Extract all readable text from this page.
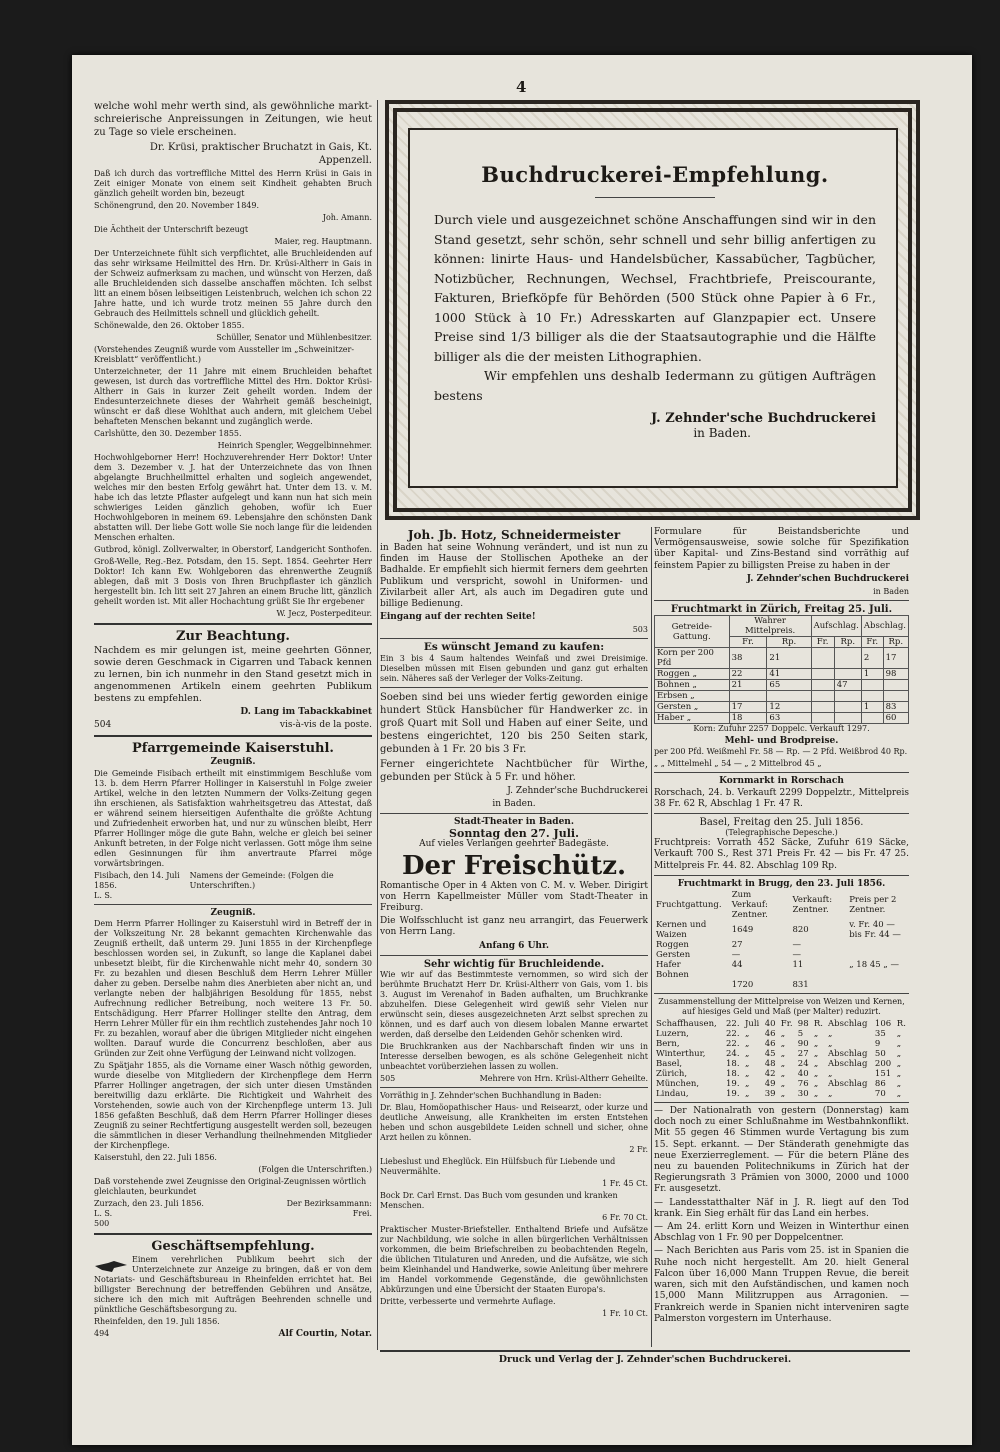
4

welche wohl mehr werth sind, als gewöhnliche markt-schreierische Anpreissungen in Zeitungen, wie heut zu Tage so viele erscheinen.

Dr. Krüsi, praktischer Bruchatzt in Gais, Kt. Appenzell.

Daß ich durch das vortreffliche Mittel des Herrn Krüsi in Gais in Zeit einiger Monate von einem seit Kindheit gehabten Bruch gänzlich geheilt worden bin, bezeugt

Schönengrund, den 20. November 1849.

Joh. Amann.

Die Ächtheit der Unterschrift bezeugt

Maier, reg. Hauptmann.

Der Unterzeichnete fühlt sich verpflichtet, alle Bruchleidenden auf das sehr wirksame Heilmittel des Hrn. Dr. Krüsi-Altherr in Gais in der Schweiz aufmerksam zu machen, und wünscht von Herzen, daß alle Bruchleidenden sich dasselbe anschaffen möchten. Ich selbst litt an einem bösen leibseitigen Leistenbruch, welchen ich schon 22 Jahre hatte, und ich wurde trotz meinen 55 Jahre durch den Gebrauch des Heilmittels schnell und glücklich geheilt.

Schönewalde, den 26. Oktober 1855.

Schüller, Senator und Mühlenbesitzer.

(Vorstehendes Zeugniß wurde vom Aussteller im „Schweinitzer-Kreisblatt“ veröffentlicht.)

Unterzeichneter, der 11 Jahre mit einem Bruchleiden behaftet gewesen, ist durch das vortreffliche Mittel des Hrn. Doktor Krüsi-Altherr in Gais in kurzer Zeit geheilt worden. Indem der Endesunterzeichnete dieses der Wahrheit gemäß bescheinigt, wünscht er daß diese Wohlthat auch andern, mit gleichem Uebel behafteten Menschen bekannt und zugänglich werde.

Carlshütte, den 30. Dezember 1855.

Heinrich Spengler, Weggelbinnehmer.

Hochwohlgeborner Herr! Hochzuverehrender Herr Doktor! Unter dem 3. Dezember v. J. hat der Unterzeichnete das von Ihnen abgelangte Bruchheilmittel erhalten und sogleich angewendet, welches mir den besten Erfolg gewährt hat. Unter dem 13. v. M. habe ich das letzte Pflaster aufgelegt und kann nun hat sich mein schwieriges Leiden gänzlich gehoben, wofür ich Euer Hochwohlgeboren in meinem 69. Lebensjahre den schönsten Dank abstatten will. Der liebe Gott wolle Sie noch lange für die leidenden Menschen erhalten.

Gutbrod, königl. Zollverwalter, in Oberstorf, Landgericht Sonthofen.

Groß-Welle, Reg.-Bez. Potsdam, den 15. Sept. 1854. Geehrter Herr Doktor! Ich kann Ew. Wohlgeboren das ehrenwerthe Zeugniß ablegen, daß mit 3 Dosis von Ihren Bruchpflaster ich gänzlich hergestellt bin. Ich litt seit 27 Jahren an einem Bruche litt, gänzlich geheilt worden ist. Mit aller Hochachtung grüßt Sie Ihr ergebener

W. Jecz, Posterpediteur.

Zur Beachtung.

Nachdem es mir gelungen ist, meine geehrten Gönner, sowie deren Geschmack in Cigarren und Taback kennen zu lernen, bin ich nunmehr in den Stand gesetzt mich in angenommenen Artikeln einem geehrten Publikum bestens zu empfehlen.

D. Lang im Tabackkabinet

504	vis-à-vis de la poste.
Pfarrgemeinde Kaiserstuhl.
Zeugniß.

Die Gemeinde Fisibach ertheilt mit einstimmigem Beschluße vom 13. b. dem Herrn Pfarrer Hollinger in Kaiserstuhl in Folge zweier Artikel, welche in den letzten Nummern der Volks-Zeitung gegen ihn erschienen, als Satisfaktion wahrheitsgetreu das Attestat, daß er während seinem hierseitigen Aufenthalte die größte Achtung und Zufriedenheit erworben hat, und nur zu wünschen bleibt, Herr Pfarrer Hollinger möge die gute Bahn, welche er gleich bei seiner Ankunft betreten, in der Folge nicht verlassen. Gott möge ihm seine edlen Gesinnungen für ihm anvertraute Pfarrei möge vorwärtsbringen.

Fisibach, den 14. Juli 1856.
Namens der Gemeinde: (Folgen die Unterschriften.)

L. S.

Zeugniß.

Dem Herrn Pfarrer Hollinger zu Kaiserstuhl wird in Betreff der in der Volkszeitung Nr. 28 bekannt gemachten Kirchenwahle das Zeugniß ertheilt, daß unterm 29. Juni 1855 in der Kirchenpflege beschlossen worden sei, in Zukunft, so lange die Kaplanei dabei unbesetzt bleibt, für die Kirchenwahle nicht mehr 40, sondern 30 Fr. zu bezahlen und diesen Beschluß dem Herrn Lehrer Müller daher zu geben. Derselbe nahm dies Anerbieten aber nicht an, und verlangte neben der halbjährigen Besoldung für 1855, nebst Aufrechnung redlicher Betreibung, noch weitere 13 Fr. 50. Entschädigung. Herr Pfarrer Hollinger stellte den Antrag, dem Herrn Lehrer Müller für ein ihm rechtlich zustehendes Jahr noch 10 Fr. zu bezahlen, worauf aber die übrigen Mitglieder nicht eingehen wollten. Darauf wurde die Concurrenz beschloßen, aber aus Gründen zur Zeit ohne Verfügung der Leinwand nicht vollzogen.

Zu Spätjahr 1855, als die Vorname einer Wasch nöthig geworden, wurde dieselbe von Mitgliedern der Kirchenpflege dem Herrn Pfarrer Hollinger angetragen, der sich unter diesen Umständen bereitwillig dazu erklärte. Die Richtigkeit und Wahrheit des Vorstehenden, sowie auch von der Kirchenpflege unterm 13. Juli 1856 gefaßten Beschluß, daß dem Herrn Pfarrer Hollinger dieses Zeugniß zu seiner Rechtfertigung ausgestellt werden soll, bezeugen die sämmtlichen in dieser Verhandlung theilnehmenden Mitglieder der Kirchenpflege.

Kaiserstuhl, den 22. Juli 1856.

(Folgen die Unterschriften.)

Daß vorstehende zwei Zeugnisse den Original-Zeugnissen wörtlich gleichlauten, beurkundet

Zurzach, den 23. Juli 1856.	Der Bezirksammann:
L. S.	Frei.

500

Geschäftsempfehlung.

Einem verehrlichen Publikum beehrt sich der Unterzeichnete zur Anzeige zu bringen, daß er von dem Notariats- und Geschäftsbureau in Rheinfelden errichtet hat. Bei billigster Berechnung der betreffenden Gebühren und Ansätze, sichere ich den mich mit Aufträgen Beehrenden schnelle und pünktliche Geschäftsbesorgung zu.

Rheinfelden, den 19. Juli 1856.

494	Alf Courtin, Notar.
Buchdruckerei-Empfehlung.
Durch viele und ausgezeichnet schöne Anschaffungen sind wir in den Stand gesetzt, sehr schön, sehr schnell und sehr billig anfertigen zu können: linirte Haus- und Handelsbücher, Kassabücher, Tagbücher, Notizbücher, Rechnungen, Wechsel, Frachtbriefe, Preiscourante, Fakturen, Briefköpfe für Behörden (500 Stück ohne Papier à 6 Fr., 1000 Stück à 10 Fr.) Adresskarten auf Glanzpapier ect. Unsere Preise sind 1/3 billiger als die der Staatsautographie und die Hälfte billiger als die der meisten Lithographien.
Wir empfehlen uns deshalb Iedermann zu gütigen Aufträgen bestens
J. Zehnder'sche Buchdruckerei
in Baden.
Joh. Jb. Hotz, Schneidermeister

in Baden hat seine Wohnung verändert, und ist nun zu finden im Hause der Stollischen Apotheke an der Badhalde. Er empfiehlt sich hiermit ferners dem geehrten Publikum und verspricht, sowohl in Uniformen- und Zivilarbeit aller Art, als auch im Degadiren gute und billige Bedienung.

Eingang auf der rechten Seite!

503

Es wünscht Jemand zu kaufen:

Ein 3 bis 4 Saum haltendes Weinfaß und zwei Dreisimige. Dieselben müssen mit Eisen gebunden und ganz gut erhalten sein. Näheres saß der Verleger der Volks-Zeitung.

Soeben sind bei uns wieder fertig geworden einige hundert Stück Hansbücher für Handwerker zc. in groß Quart mit Soll und Haben auf einer Seite, und bestens eingerichtet, 120 bis 250 Seiten stark, gebunden à 1 Fr. 20 bis 3 Fr.

Ferner eingerichtete Nachtbücher für Wirthe, gebunden per Stück à 5 Fr. und höher.

J. Zehnder'sche Buchdruckerei

in Baden.

Stadt-Theater in Baden.
Sonntag den 27. Juli.
Auf vieles Verlangen geehrter Badegäste.
Der Freischütz.

Romantische Oper in 4 Akten von C. M. v. Weber. Dirigirt von Herrn Kapellmeister Müller vom Stadt-Theater in Freiburg.

Die Wolfsschlucht ist ganz neu arrangirt, das Feuerwerk von Herrn Lang.

Anfang 6 Uhr.
Sehr wichtig für Bruchleidende.

Wie wir auf das Bestimmteste vernommen, so wird sich der berühmte Bruchatzt Herr Dr. Krüsi-Altherr von Gais, vom 1. bis 3. August im Verenahof in Baden aufhalten, um Bruchkranke abzuhelfen. Diese Gelegenheit wird gewiß sehr Vielen nur erwünscht sein, dieses ausgezeichneten Arzt selbst sprechen zu können, und es darf auch von diesem lobalen Manne erwartet werden, daß derselbe den Leidenden Gehör schenken wird.

Die Bruchkranken aus der Nachbarschaft finden wir uns in Interesse derselben bewogen, es als schöne Gelegenheit nicht unbeachtet vorüberziehen lassen zu wollen.

505	Mehrere von Hrn. Krüsi-Altherr Geheilte.

Vorräthig in J. Zehnder'schen Buchhandlung in Baden:

Dr. Blau, Homöopathischer Haus- und Reisearzt, oder kurze und deutliche Anweisung, alle Krankheiten im ersten Entstehen heben und schon ausgebildete Leiden schnell und sicher, ohne Arzt heilen zu können.

2 Fr.

Liebeslust und Ehеglück. Ein Hülfsbuch für Liebende und Neuvermählte.

1 Fr. 45 Ct.

Bock Dr. Carl Ernst. Das Buch vom gesunden und kranken Menschen.

6 Fr. 70 Ct.

Praktischer Muster-Briefsteller. Enthaltend Briefe und Aufsätze zur Nachbildung, wie solche in allen bürgerlichen Verhältnissen vorkommen, die beim Briefschreiben zu beobachtenden Regeln, die üblichen Titulaturen und Anreden, und die Aufsätze, wie sich beim Kleinhandel und Handwerke, sowie Anleitung über mehrere im Handel vorkommende Gegenstände, die gewöhnlichsten Abkürzungen und eine Übersicht der Staaten Europa's.

Dritte, verbesserte und vermehrte Auflage.

1 Fr. 10 Ct.

Formulare für Beistandsberichte und Vermögensausweise, sowie solche für Spezifikation über Kapital- und Zins-Bestand sind vorräthig auf feinstem Papier zu billigsten Preise zu haben in der

J. Zehnder'schen Buchdruckerei

in Baden

Fruchtmarkt in Zürich, Freitag 25. Juli.
Getreide-Gattung.	Wahrer Mittelpreis.		Aufschlag.		Abschlag.	
	Fr.	Rp.	Fr.	Rp.	Fr.	Rp.
Korn per 200 Pfd	38	21			2	17
Roggen „	22	41			1	98
Bohnen „	21	65		47		
Erbsen „						
Gersten „	17	12			1	83
Haber „	18	63				60

Korn: Zufuhr 2257 Doppelc. Verkauft 1297.

Mehl- und Brodpreise.

per 200 Pfd. Weißmehl Fr. 58 — Rp. — 2 Pfd. Weißbrod 40 Rp.

„ „ Mittelmehl „ 54 — „ 2 Mittelbrod 45 „

Kornmarkt in Rorschach

Rorschach, 24. b. Verkauft 2299 Doppelztr., Mittelpreis 38 Fr. 62 R, Abschlag 1 Fr. 47 R.

Basel, Freitag den 25. Juli 1856.
(Telegraphische Depesche.)

Fruchtpreis: Vorrath 452 Säcke, Zufuhr 619 Säcke, Verkauft 700 S., Rest 371 Preis Fr. 42 — bis Fr. 47 25. Mittelpreis Fr. 44. 82. Abschlag 109 Rp.

Fruchtmarkt in Brugg, den 23. Juli 1856.
Fruchtgattung.	Zum Verkauf: Zentner.	Verkauft: Zentner.	Preis per 2 Zentner.
Kernen und Waizen	1649	820	v. Fr. 40 — bis Fr. 44 —
Roggen	27	—	
Gersten	—	—	
Hafer	44	11	„ 18 45 „ —
Bohnen			
	1720	831	

Zusammenstellung der Mittelpreise von Weizen und Kernen, auf hiesiges Geld und Maß (per Malter) reduzirt.

Schaffhausen,	22.	Juli	40	Fr.	98	R.	Abschlag	106	R.
Luzern,	22.	„	46	„	5	„	„	35	„
Bern,	22.	„	46	„	90	„	„	9	„
Winterthur,	24.	„	45	„	27	„	Abschlag	50	„
Basel,	18.	„	48	„	24	„	Abschlag	200	„
Zürich,	18.	„	42	„	40	„	„	151	„
München,	19.	„	49	„	76	„	Abschlag	86	„
Lindau,	19.	„	39	„	30	„	„	70	„

— Der Nationalrath von gestern (Donnerstag) kam doch noch zu einer Schlußnahme im Westbahnkonflikt. Mit 55 gegen 46 Stimmen wurde Vertagung bis zum 15. Sept. erkannt. — Der Ständerath genehmigte das neue Exerzierreglement. — Für die betern Pläne des neu zu bauenden Politechnikums in Zürich hat der Regierungsrath 3 Prämien von 3000, 2000 und 1000 Fr. ausgesetzt.

— Landesstatthalter Näf in J. R. liegt auf den Tod krank. Ein Sieg erhält für das Land ein herbes.

— Am 24. erlitt Korn und Weizen in Winterthur einen Abschlag von 1 Fr. 90 per Doppelcentner.

— Nach Berichten aus Paris vom 25. ist in Spanien die Ruhe noch nicht hergestellt. Am 20. hielt General Falcon über 16,000 Mann Truppen Revue, die bereit waren, sich mit den Aufständischen, und kamen noch 15,000 Mann Militzruppen aus Arragonien. — Frankreich werde in Spanien nicht interveniren sagte Palmerston vorgestern im Unterhause.

Druck und Verlag der J. Zehnder'schen Buchdruckerei.
